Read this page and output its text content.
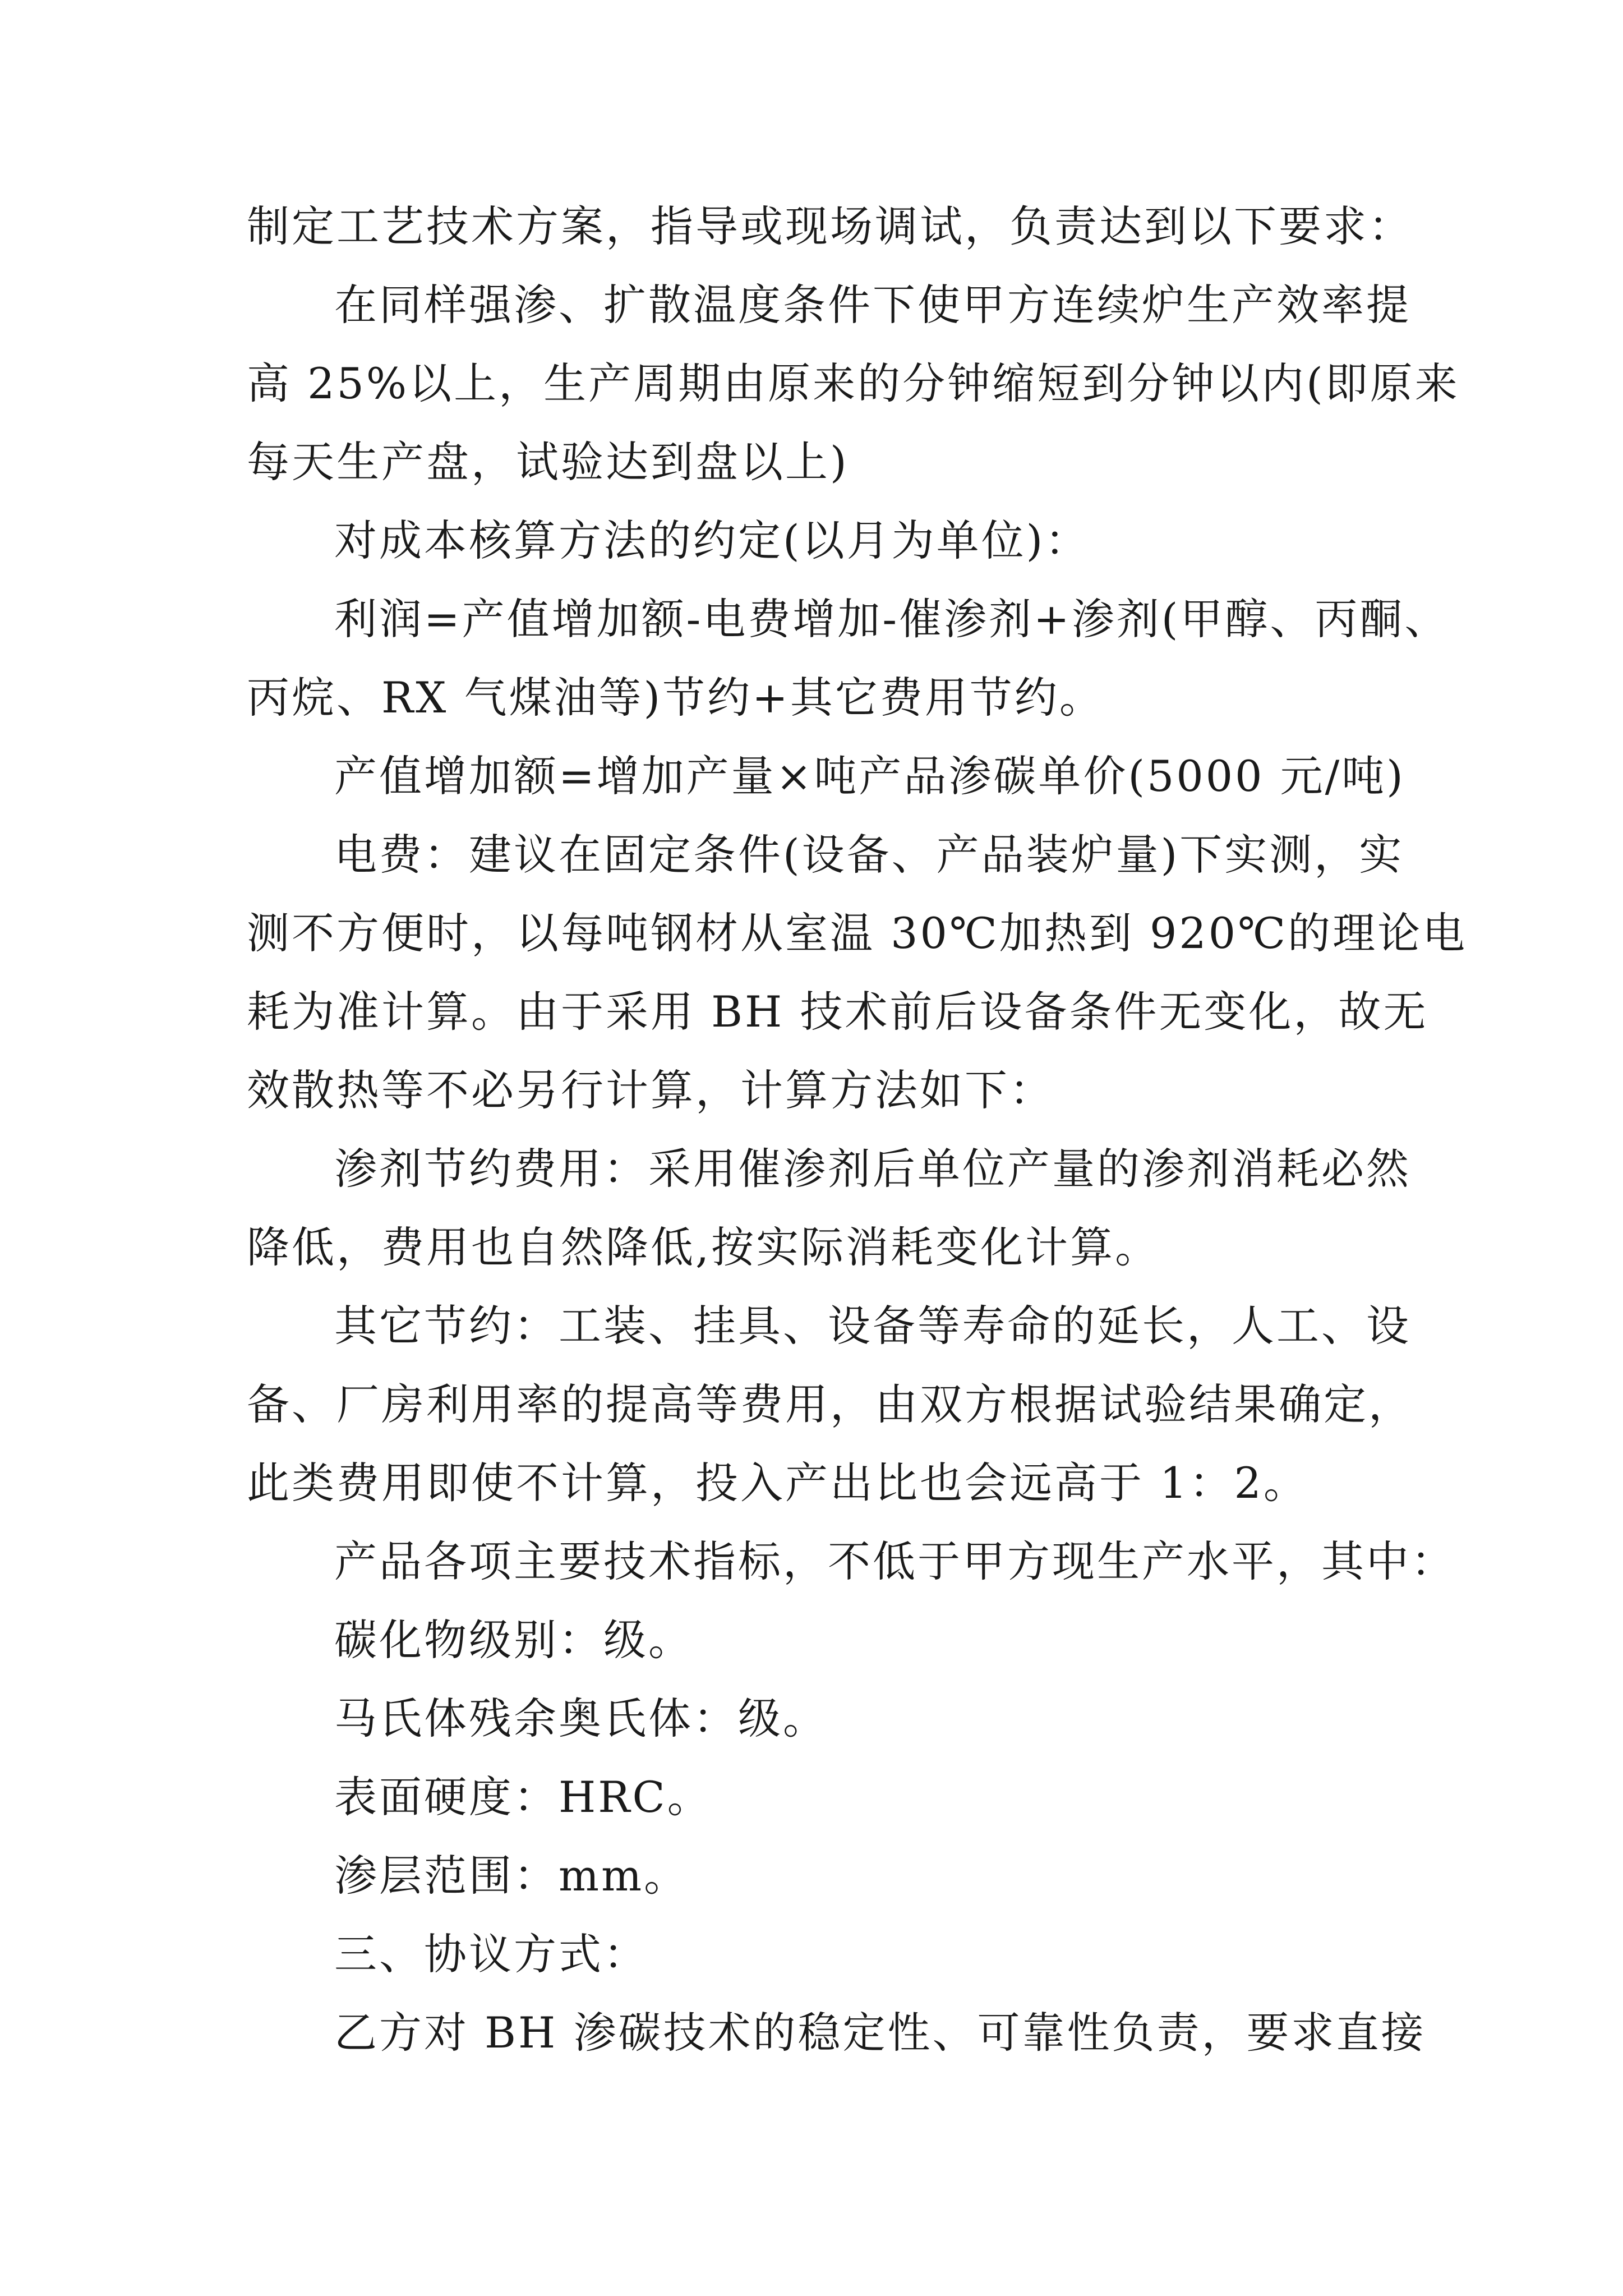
制定工艺技术方案，指导或现场调试，负责达到以下要求：
在同样强渗、扩散温度条件下使甲方连续炉生产效率提
高 25%以上，生产周期由原来的分钟缩短到分钟以内(即原来
每天生产盘，试验达到盘以上)
对成本核算方法的约定(以月为单位)：
利润=产值增加额-电费增加-催渗剂+渗剂(甲醇、丙酮、
丙烷、RX 气煤油等)节约+其它费用节约。
产值增加额=增加产量×吨产品渗碳单价(5000 元/吨)
电费：建议在固定条件(设备、产品装炉量)下实测，实
测不方便时，以每吨钢材从室温 30℃加热到 920℃的理论电
耗为准计算。由于采用 BH 技术前后设备条件无变化，故无
效散热等不必另行计算，计算方法如下：
渗剂节约费用：采用催渗剂后单位产量的渗剂消耗必然
降低，费用也自然降低,按实际消耗变化计算。
其它节约：工装、挂具、设备等寿命的延长，人工、设
备、厂房利用率的提高等费用，由双方根据试验结果确定，
此类费用即使不计算，投入产出比也会远高于 1：2。
产品各项主要技术指标，不低于甲方现生产水平，其中：
碳化物级别：级。
马氏体残余奥氏体：级。
表面硬度：HRC。
渗层范围：mm。
三、协议方式：
乙方对 BH 渗碳技术的稳定性、可靠性负责，要求直接
